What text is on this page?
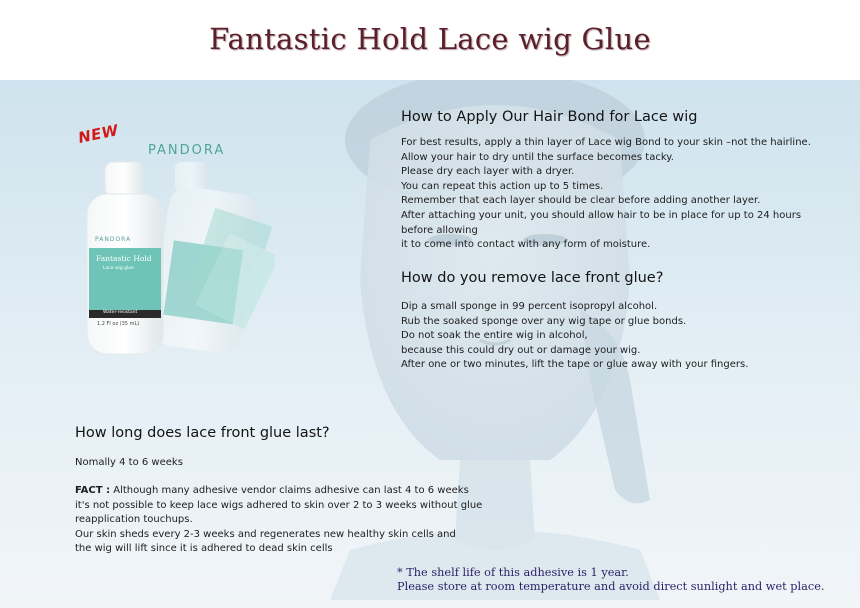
Fantastic Hold Lace wig Glue
PANDORA
Fantastic Hold
Lace wig glue
Water-resistant
1.2 Fl oz (35 mL)
NEW
PANDORA
How to Apply Our Hair Bond for Lace wig
For best results, apply a thin layer of Lace wig Bond to your skin –not the hairline.
Allow your hair to dry until the surface becomes tacky.
Please dry each layer with a dryer.
You can repeat this action up to 5 times.
Remember that each layer should be clear before adding another layer.
After attaching your unit, you should allow hair to be in place for up to 24 hours
before allowing
it to come into contact with any form of moisture.
How do you remove lace front glue?
Dip a small sponge in 99 percent isopropyl alcohol.
Rub the soaked sponge over any wig tape or glue bonds.
Do not soak the entire wig in alcohol,
because this could dry out or damage your wig.
After one or two minutes, lift the tape or glue away with your fingers.
How long does lace front glue last?
Nomally 4 to 6 weeks
FACT : Although many adhesive vendor claims adhesive can last 4 to 6 weeks
it's not possible to keep lace wigs adhered to skin over 2 to 3 weeks without glue
reapplication touchups.
Our skin sheds every 2-3 weeks and regenerates new healthy skin cells and
the wig will lift since it is adhered to dead skin cells
* The shelf life of this adhesive is 1 year.
Please store at room temperature and avoid direct sunlight and wet place.
